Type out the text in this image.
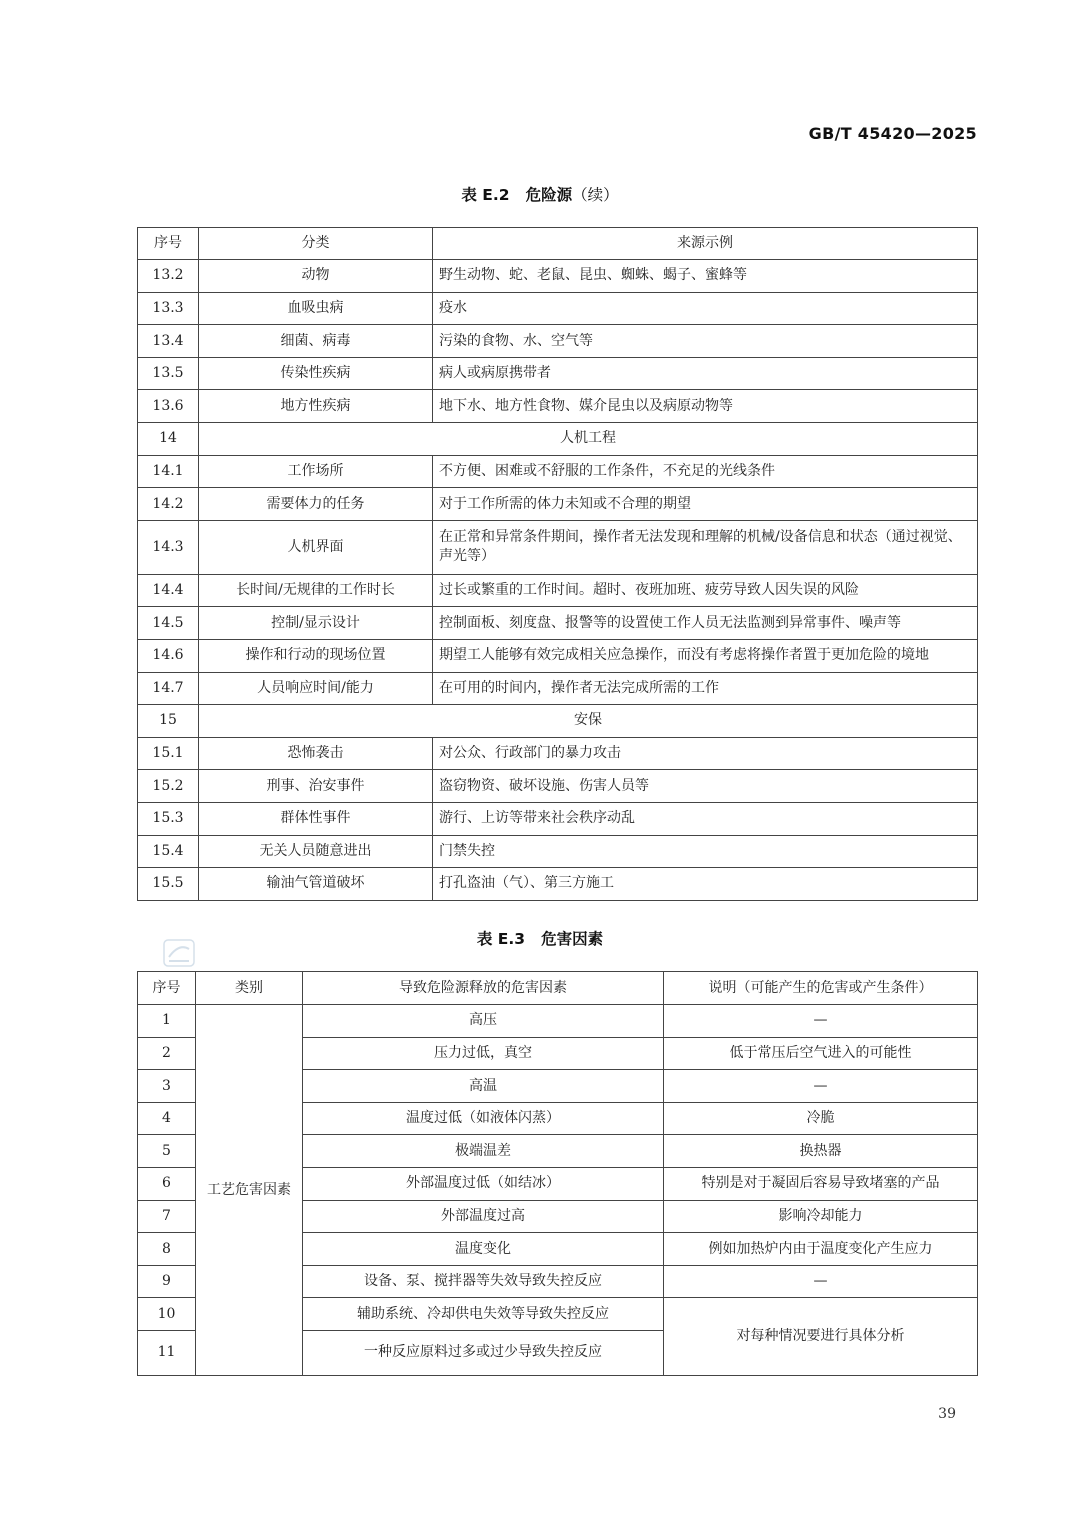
GB/T 45420—2025
表 E.2 危险源（续）
序号	分类	来源示例
13.2	动物	野生动物、蛇、老鼠、昆虫、蜘蛛、蝎子、蜜蜂等
13.3	血吸虫病	疫水
13.4	细菌、病毒	污染的食物、水、空气等
13.5	传染性疾病	病人或病原携带者
13.6	地方性疾病	地下水、地方性食物、媒介昆虫以及病原动物等
14	人机工程	
14.1	工作场所	不方便、困难或不舒服的工作条件，不充足的光线条件
14.2	需要体力的任务	对于工作所需的体力未知或不合理的期望
14.3	人机界面	在正常和异常条件期间，操作者无法发现和理解的机械/设备信息和状态（通过视觉、声光等）
14.4	长时间/无规律的工作时长	过长或繁重的工作时间。超时、夜班加班、疲劳导致人因失误的风险
14.5	控制/显示设计	控制面板、刻度盘、报警等的设置使工作人员无法监测到异常事件、噪声等
14.6	操作和行动的现场位置	期望工人能够有效完成相关应急操作，而没有考虑将操作者置于更加危险的境地
14.7	人员响应时间/能力	在可用的时间内，操作者无法完成所需的工作
15	安保	
15.1	恐怖袭击	对公众、行政部门的暴力攻击
15.2	刑事、治安事件	盗窃物资、破坏设施、伤害人员等
15.3	群体性事件	游行、上访等带来社会秩序动乱
15.4	无关人员随意进出	门禁失控
15.5	输油气管道破坏	打孔盗油（气）、第三方施工
表 E.3 危害因素
序号	类别	导致危险源释放的危害因素	说明（可能产生的危害或产生条件）
1	工艺危害因素	高压	—
2		压力过低，真空	低于常压后空气进入的可能性
3		高温	—
4		温度过低（如液体闪蒸）	冷脆
5		极端温差	换热器
6		外部温度过低（如结冰）	特别是对于凝固后容易导致堵塞的产品
7		外部温度过高	影响冷却能力
8		温度变化	例如加热炉内由于温度变化产生应力
9		设备、泵、搅拌器等失效导致失控反应	—
10		辅助系统、冷却供电失效等导致失控反应	对每种情况要进行具体分析
11		一种反应原料过多或过少导致失控反应	
39
